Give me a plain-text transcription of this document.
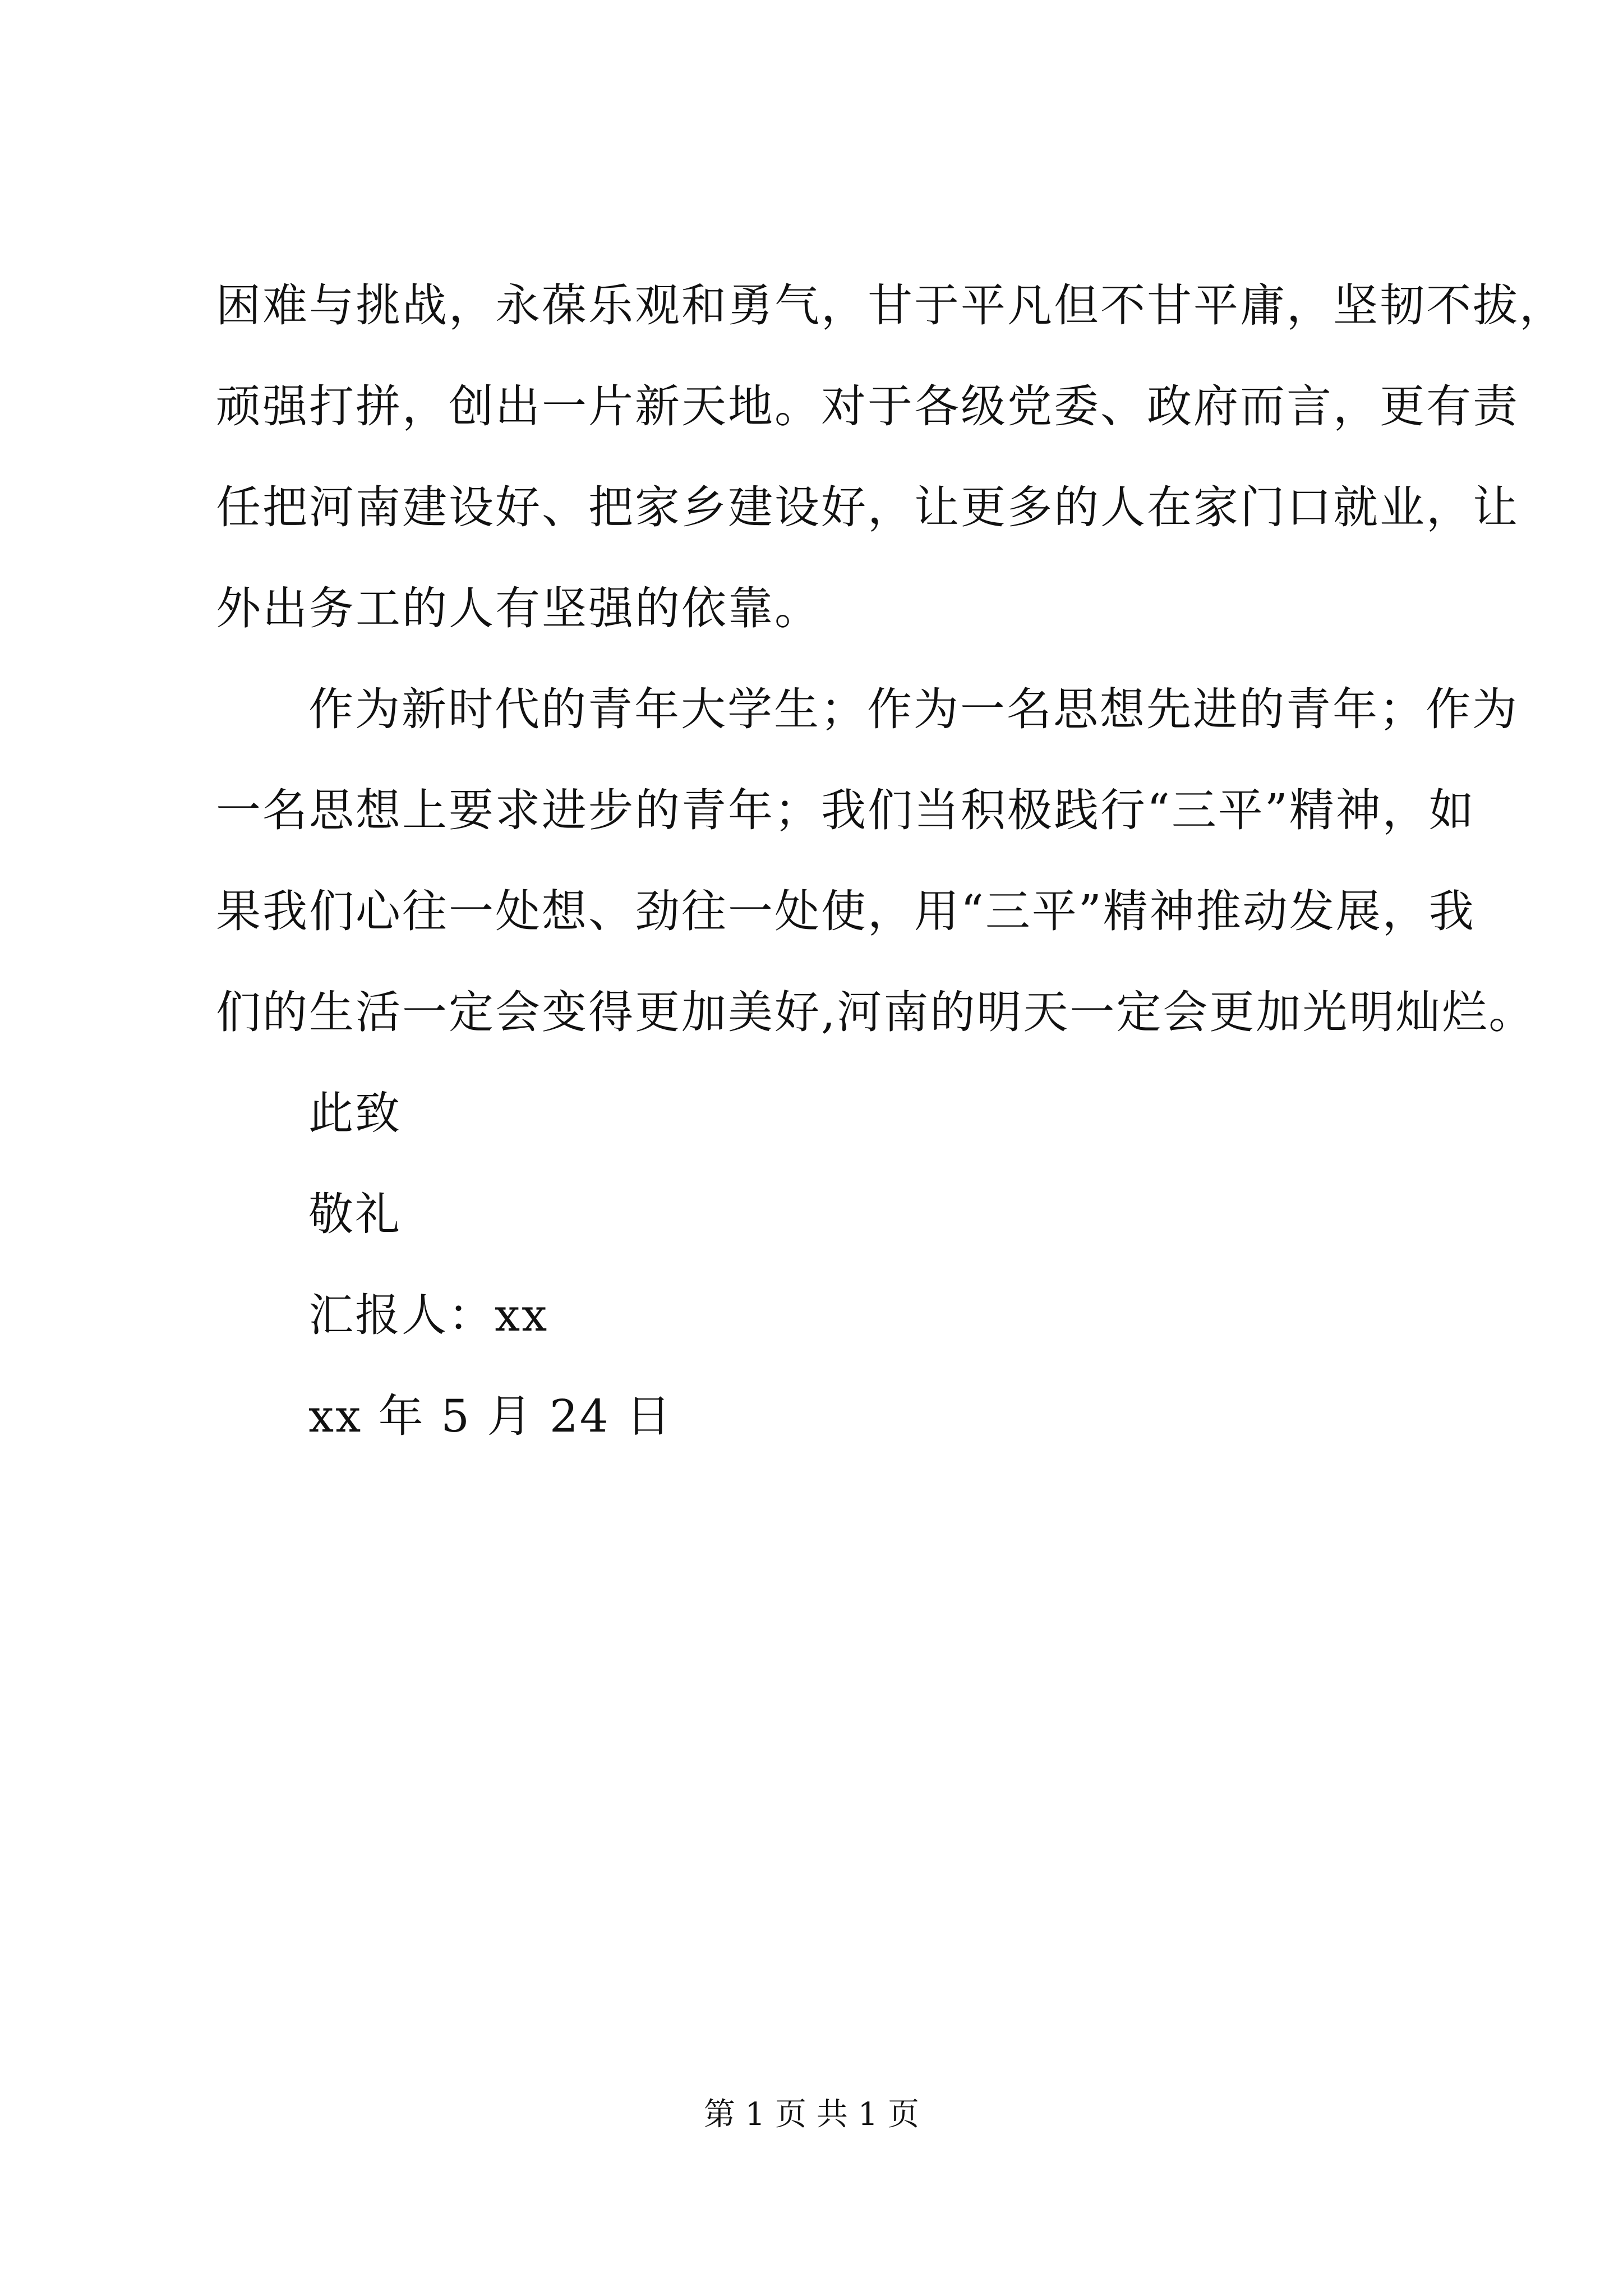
困难与挑战，永葆乐观和勇气，甘于平凡但不甘平庸，坚韧不拔，
顽强打拼，创出一片新天地。对于各级党委、政府而言，更有责
任把河南建设好、把家乡建设好，让更多的人在家门口就业，让
外出务工的人有坚强的依靠。
作为新时代的青年大学生；作为一名思想先进的青年；作为
一名思想上要求进步的青年；我们当积极践行“三平”精神，如
果我们心往一处想、劲往一处使，用“三平”精神推动发展，我
们的生活一定会变得更加美好,河南的明天一定会更加光明灿烂。
此致
敬礼
汇报人：xx
xx 年 5 月 24 日
第 1 页 共 1 页
